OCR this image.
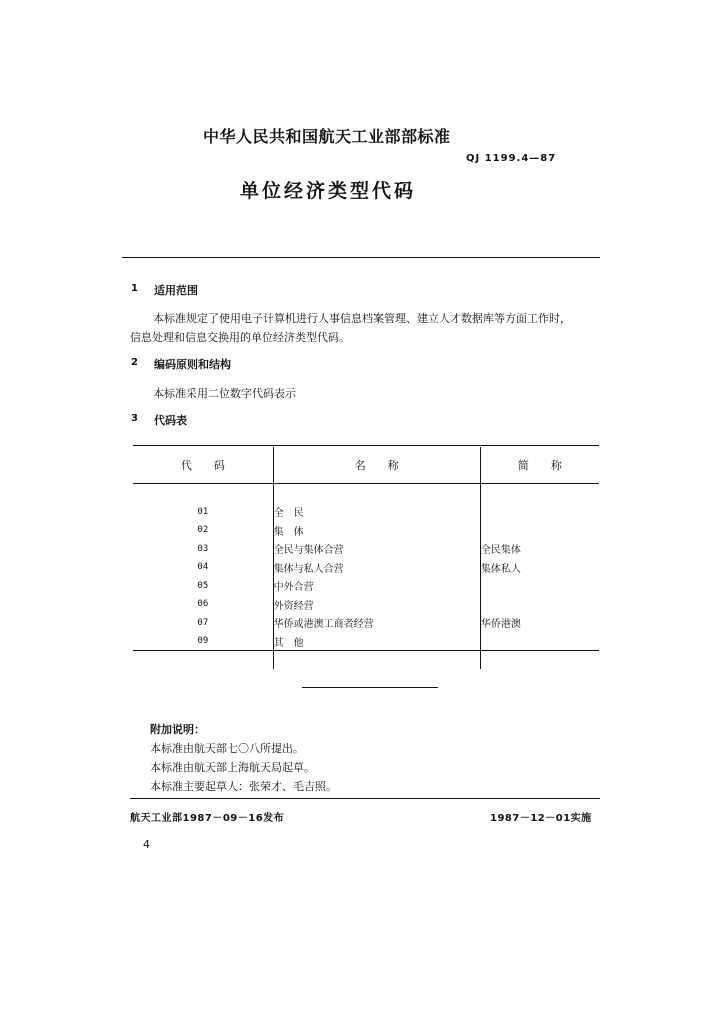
中华人民共和国航天工业部部标准
QJ 1199.4—87
单位经济类型代码
1 适用范围
本标准规定了使用电子计算机进行人事信息档案管理、建立人才数据库等方面工作时，
信息处理和信息交换用的单位经济类型代码。
2 编码原则和结构
本标准采用二位数字代码表示
3 代码表
代　　码	名　　称	简　　称

01	全　民	
02	集　体	
03	全民与集体合营	全民集体
04	集体与私人合营	集体私人
05	中外合营	
06	外资经营	
07	华侨或港澳工商者经营	华侨港澳
09	其　他	

附加说明：
本标准由航天部七〇八所提出。
本标准由航天部上海航天局起草。
本标准主要起草人：张荣才、毛吉照。
航天工业部1987－09－16发布	1987－12－01实施
4
